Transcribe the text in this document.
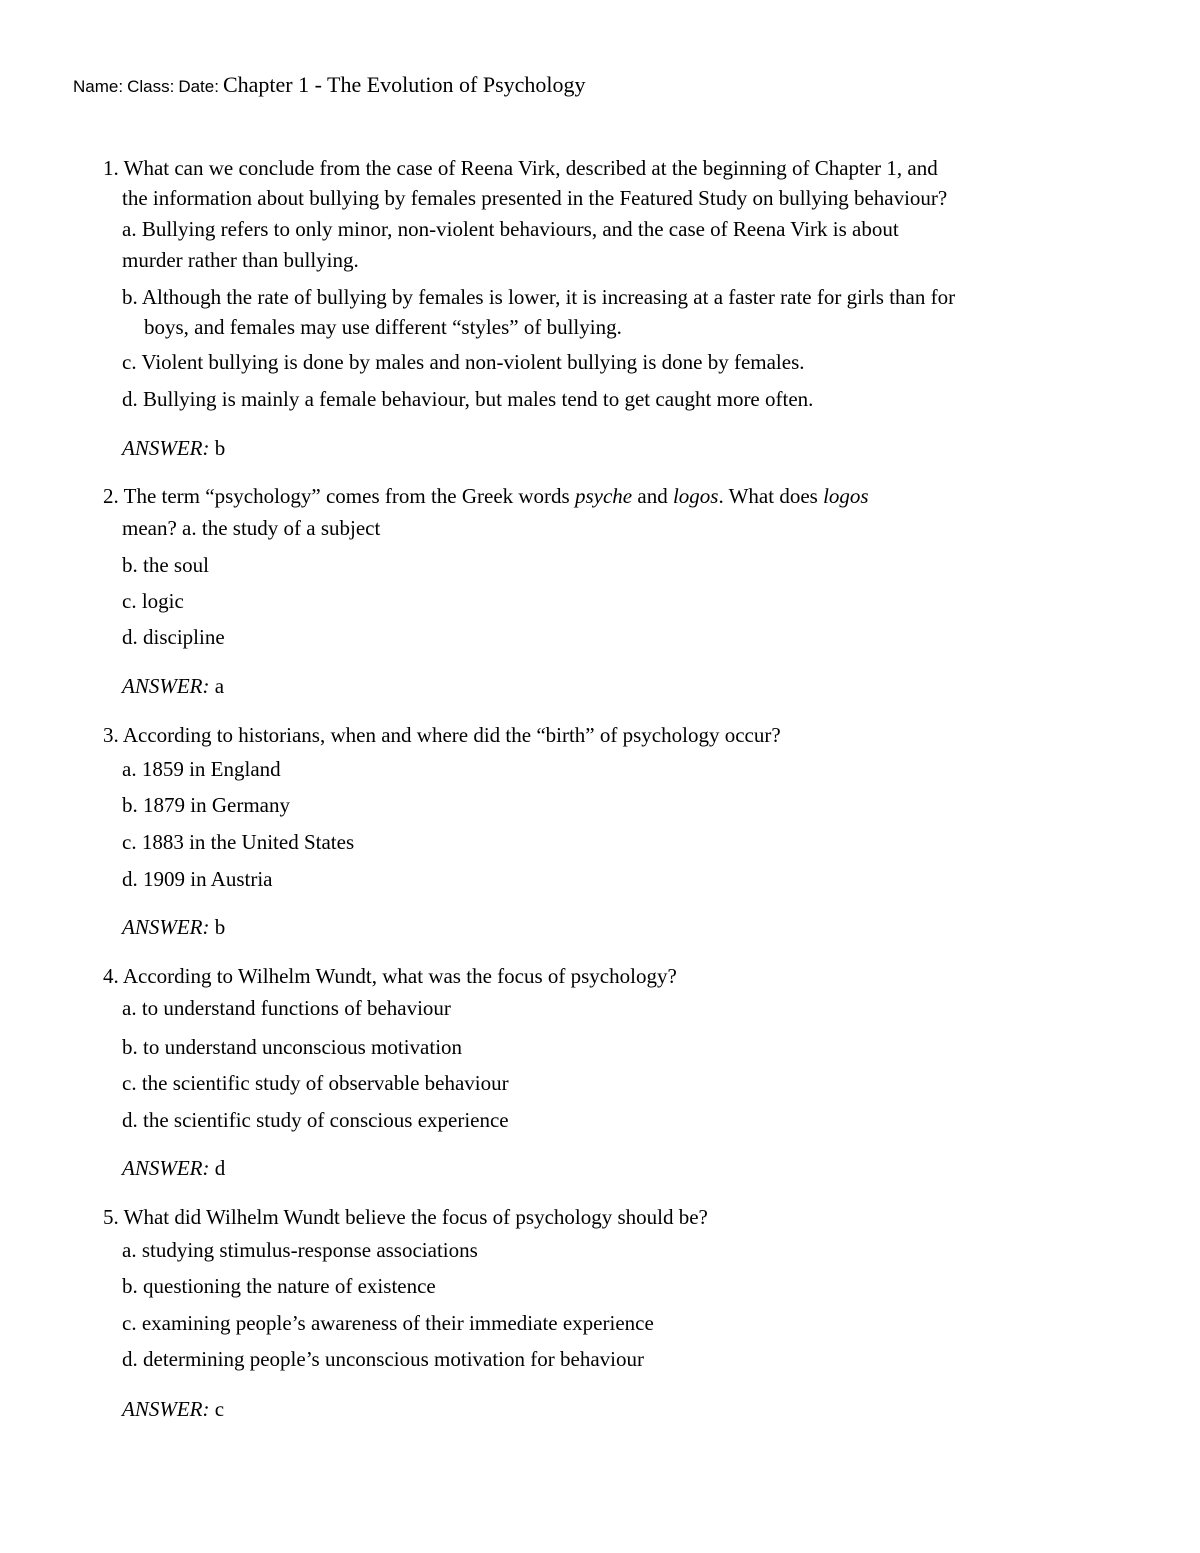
Name: Class: Date: Chapter 1 - The Evolution of Psychology
1. What can we conclude from the case of Reena Virk, described at the beginning of Chapter 1, and
the information about bullying by females presented in the Featured Study on bullying behaviour?
a. Bullying refers to only minor, non-violent behaviours, and the case of Reena Virk is about
murder rather than bullying.
b. Although the rate of bullying by females is lower, it is increasing at a faster rate for girls than for
boys, and females may use different “styles” of bullying.
c. Violent bullying is done by males and non-violent bullying is done by females.
d. Bullying is mainly a female behaviour, but males tend to get caught more often.
ANSWER: b
2. The term “psychology” comes from the Greek words psyche and logos. What does logos
mean? a. the study of a subject
b. the soul
c. logic
d. discipline
ANSWER: a
3. According to historians, when and where did the “birth” of psychology occur?
a. 1859 in England
b. 1879 in Germany
c. 1883 in the United States
d. 1909 in Austria
ANSWER: b
4. According to Wilhelm Wundt, what was the focus of psychology?
a. to understand functions of behaviour
b. to understand unconscious motivation
c. the scientific study of observable behaviour
d. the scientific study of conscious experience
ANSWER: d
5. What did Wilhelm Wundt believe the focus of psychology should be?
a. studying stimulus-response associations
b. questioning the nature of existence
c. examining people’s awareness of their immediate experience
d. determining people’s unconscious motivation for behaviour
ANSWER: c
